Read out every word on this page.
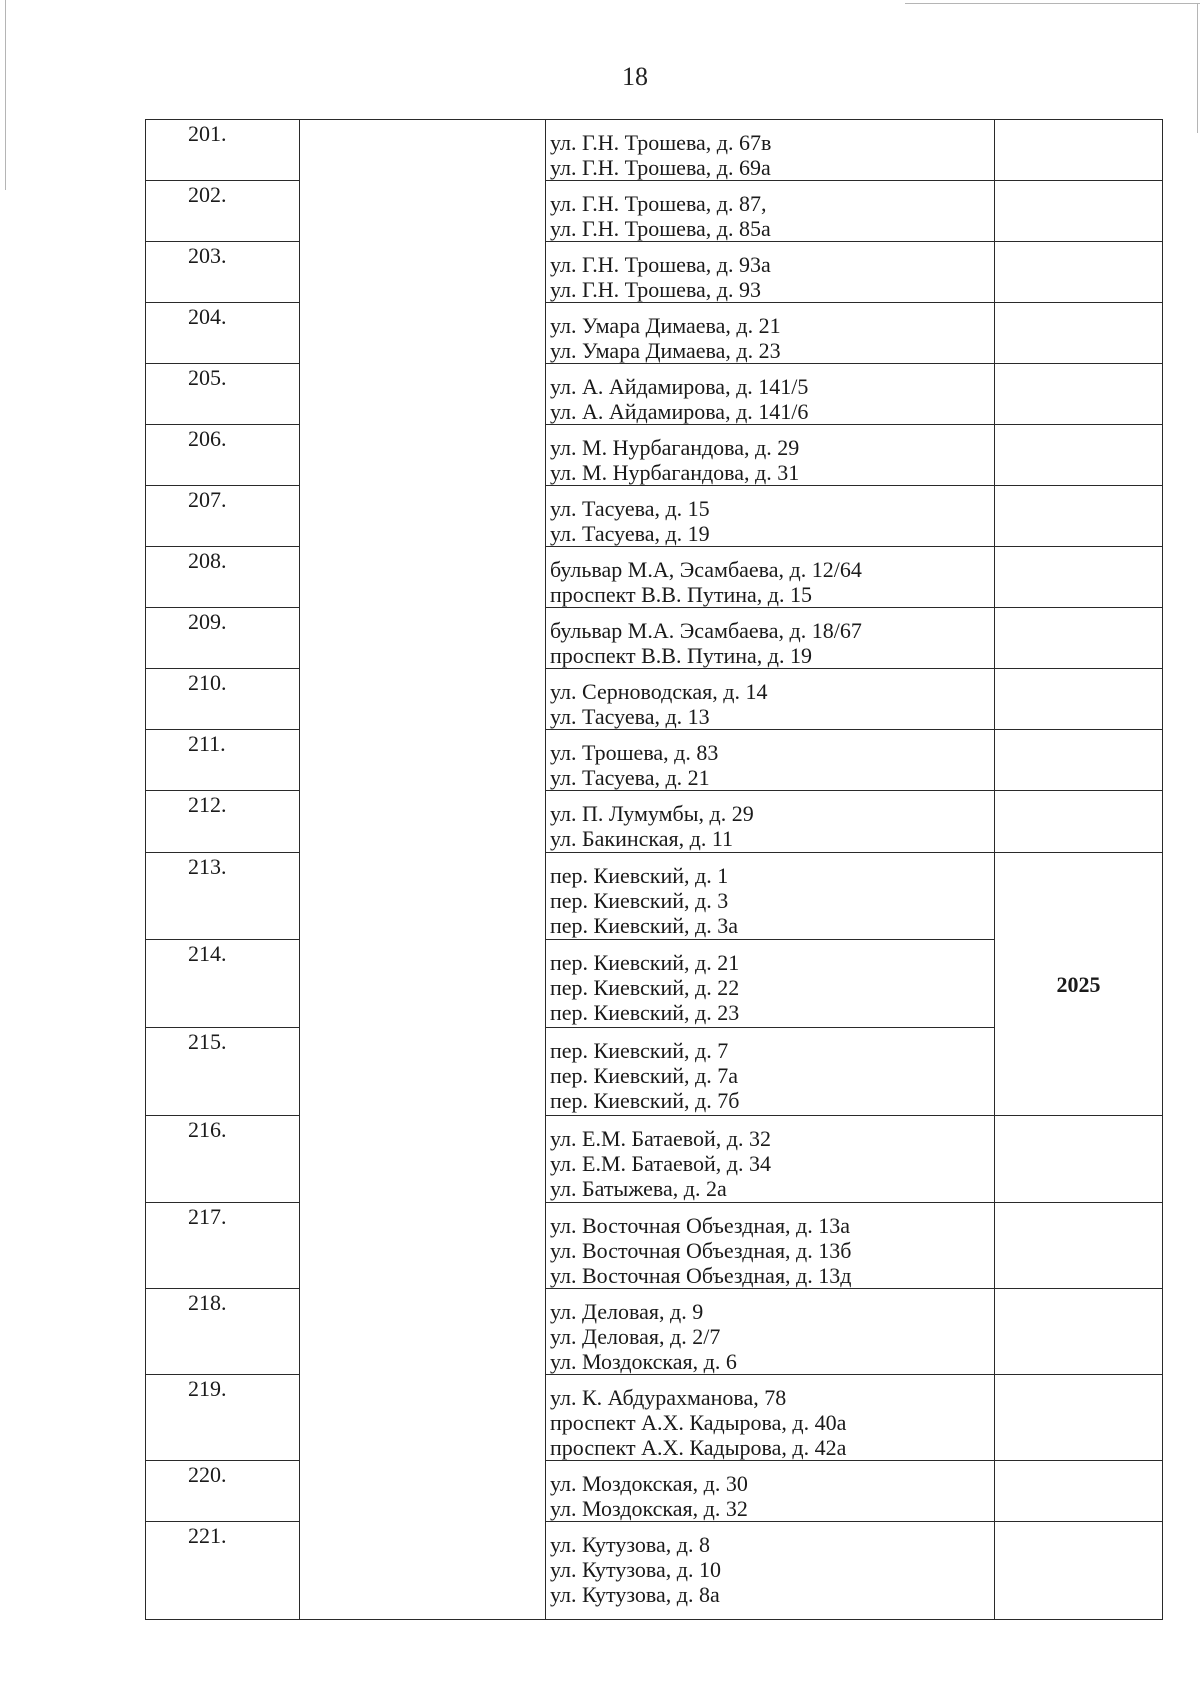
18
201.		ул. Г.Н. Трошева, д. 67в
ул. Г.Н. Трошева, д. 69а	

202.		ул. Г.Н. Трошева, д. 87,
ул. Г.Н. Трошева, д. 85а	

203.		ул. Г.Н. Трошева, д. 93а
ул. Г.Н. Трошева, д. 93	

204.		ул. Умара Димаева, д. 21
ул. Умара Димаева, д. 23	

205.		ул. А. Айдамирова, д. 141/5
ул. А. Айдамирова, д. 141/6	

206.		ул. М. Нурбагандова, д. 29
ул. М. Нурбагандова, д. 31	

207.		ул. Тасуева, д. 15
ул. Тасуева, д. 19	

208.		бульвар М.А, Эсамбаева, д. 12/64
проспект В.В. Путина, д. 15	

209.		бульвар М.А. Эсамбаева, д. 18/67
проспект В.В. Путина, д. 19	

210.		ул. Серноводская, д. 14
ул. Тасуева, д. 13	

211.		ул. Трошева, д. 83
ул. Тасуева, д. 21	

212.		ул. П. Лумумбы, д. 29
ул. Бакинская, д. 11	

213.		пер. Киевский, д. 1
пер. Киевский, д. 3
пер. Киевский, д. 3а	2025
214.		пер. Киевский, д. 21
пер. Киевский, д. 22
пер. Киевский, д. 23	

215.		пер. Киевский, д. 7
пер. Киевский, д. 7а
пер. Киевский, д. 7б	

216.		ул. Е.М. Батаевой, д. 32
ул. Е.М. Батаевой, д. 34
ул. Батыжева, д. 2а	

217.		ул. Восточная Объездная, д. 13а
ул. Восточная Объездная, д. 13б
ул. Восточная Объездная, д. 13д	

218.		ул. Деловая, д. 9
ул. Деловая, д. 2/7
ул. Моздокская, д. 6	

219.		ул. К. Абдурахманова, 78
проспект А.Х. Кадырова, д. 40а
проспект А.Х. Кадырова, д. 42а	

220.		ул. Моздокская, д. 30
ул. Моздокская, д. 32	

221.		ул. Кутузова, д. 8
ул. Кутузова, д. 10
ул. Кутузова, д. 8а	
